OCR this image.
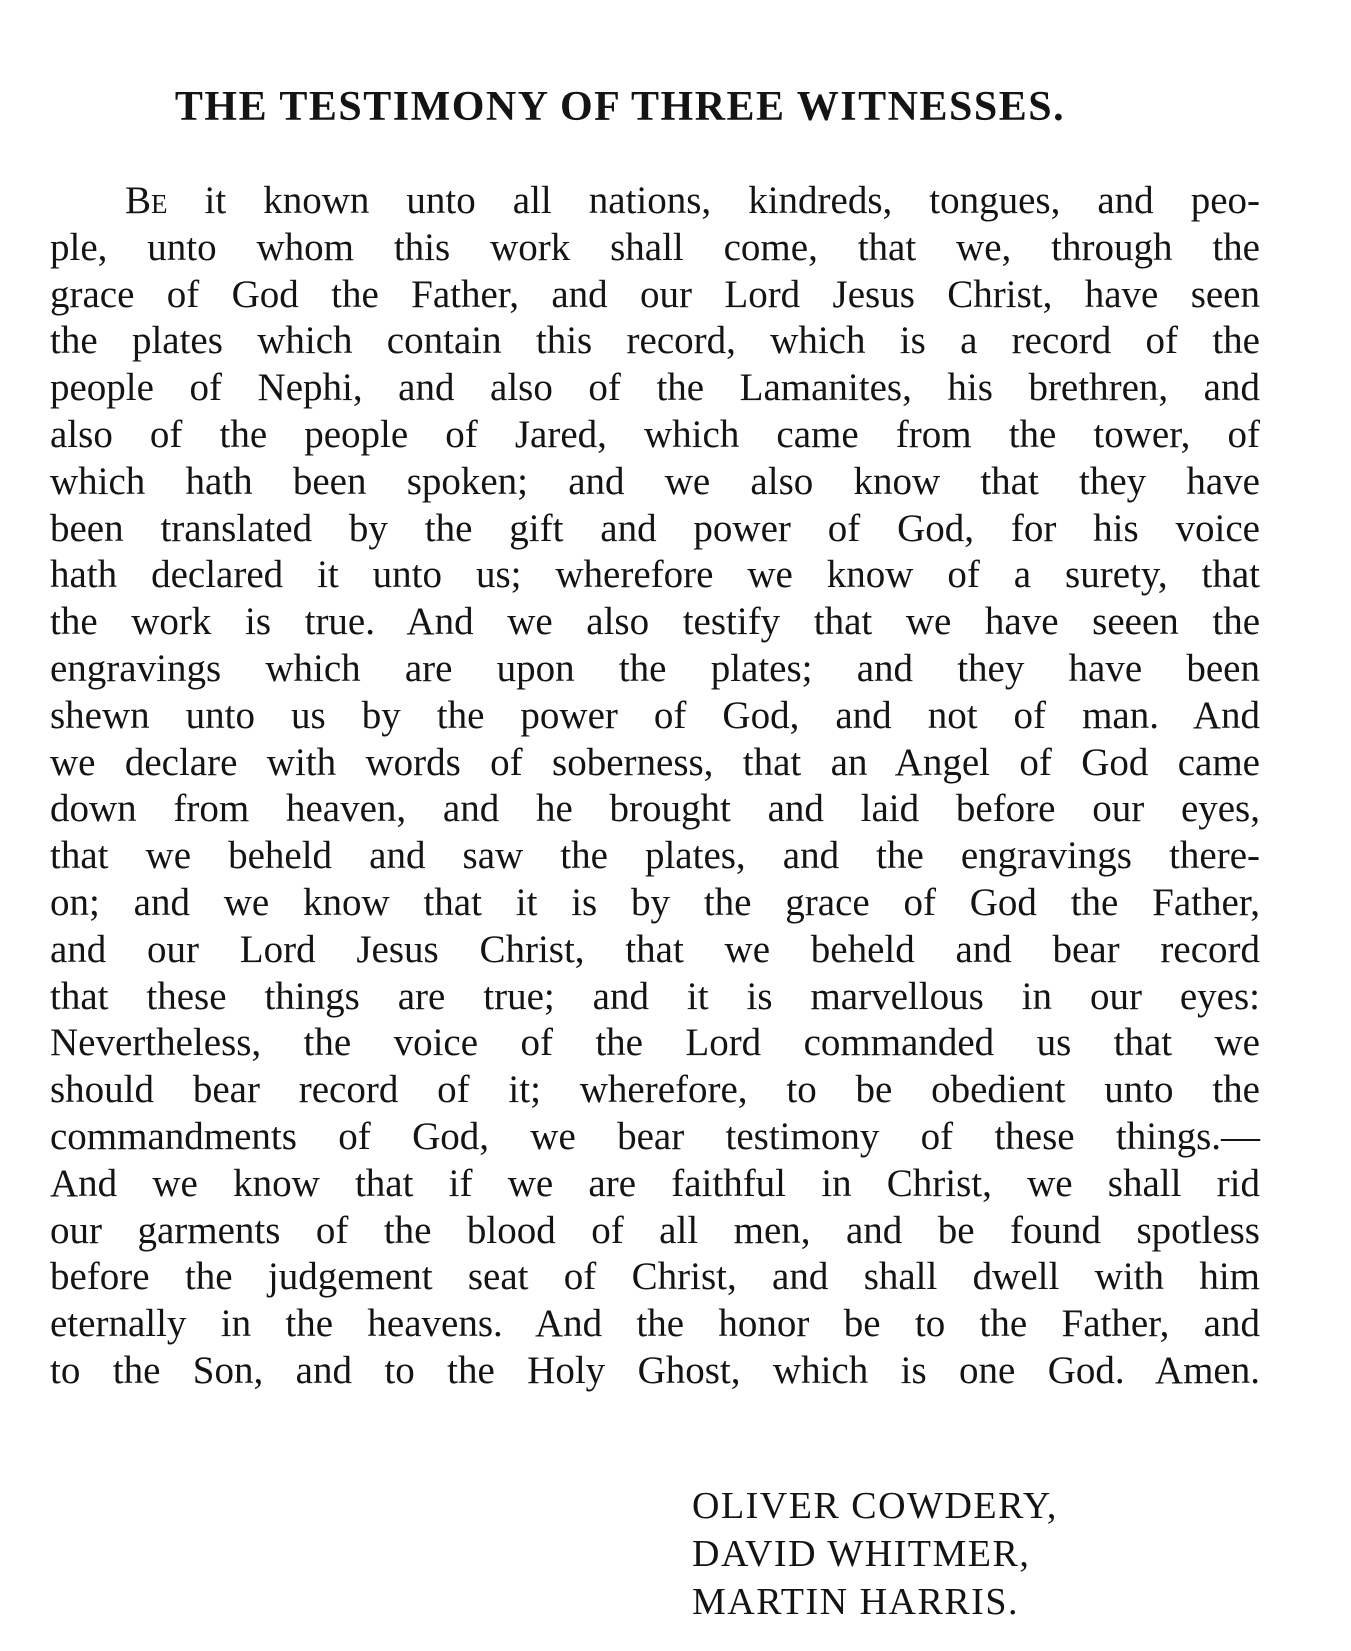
THE TESTIMONY OF THREE WITNESSES.
Be it known unto all nations, kindreds, tongues, and peo-
ple, unto whom this work shall come, that we, through the
grace of God the Father, and our Lord Jesus Christ, have seen
the plates which contain this record, which is a record of the
people of Nephi, and also of the Lamanites, his brethren, and
also of the people of Jared, which came from the tower, of
which hath been spoken; and we also know that they have
been translated by the gift and power of God, for his voice
hath declared it unto us; wherefore we know of a surety, that
the work is true. And we also testify that we have seeen the
engravings which are upon the plates; and they have been
shewn unto us by the power of God, and not of man. And
we declare with words of soberness, that an Angel of God came
down from heaven, and he brought and laid before our eyes,
that we beheld and saw the plates, and the engravings there-
on; and we know that it is by the grace of God the Father,
and our Lord Jesus Christ, that we beheld and bear record
that these things are true; and it is marvellous in our eyes:
Nevertheless, the voice of the Lord commanded us that we
should bear record of it; wherefore, to be obedient unto the
commandments of God, we bear testimony of these things.—
And we know that if we are faithful in Christ, we shall rid
our garments of the blood of all men, and be found spotless
before the judgement seat of Christ, and shall dwell with him
eternally in the heavens. And the honor be to the Father, and
to the Son, and to the Holy Ghost, which is one God. Amen.
OLIVER COWDERY,
DAVID WHITMER,
MARTIN HARRIS.
